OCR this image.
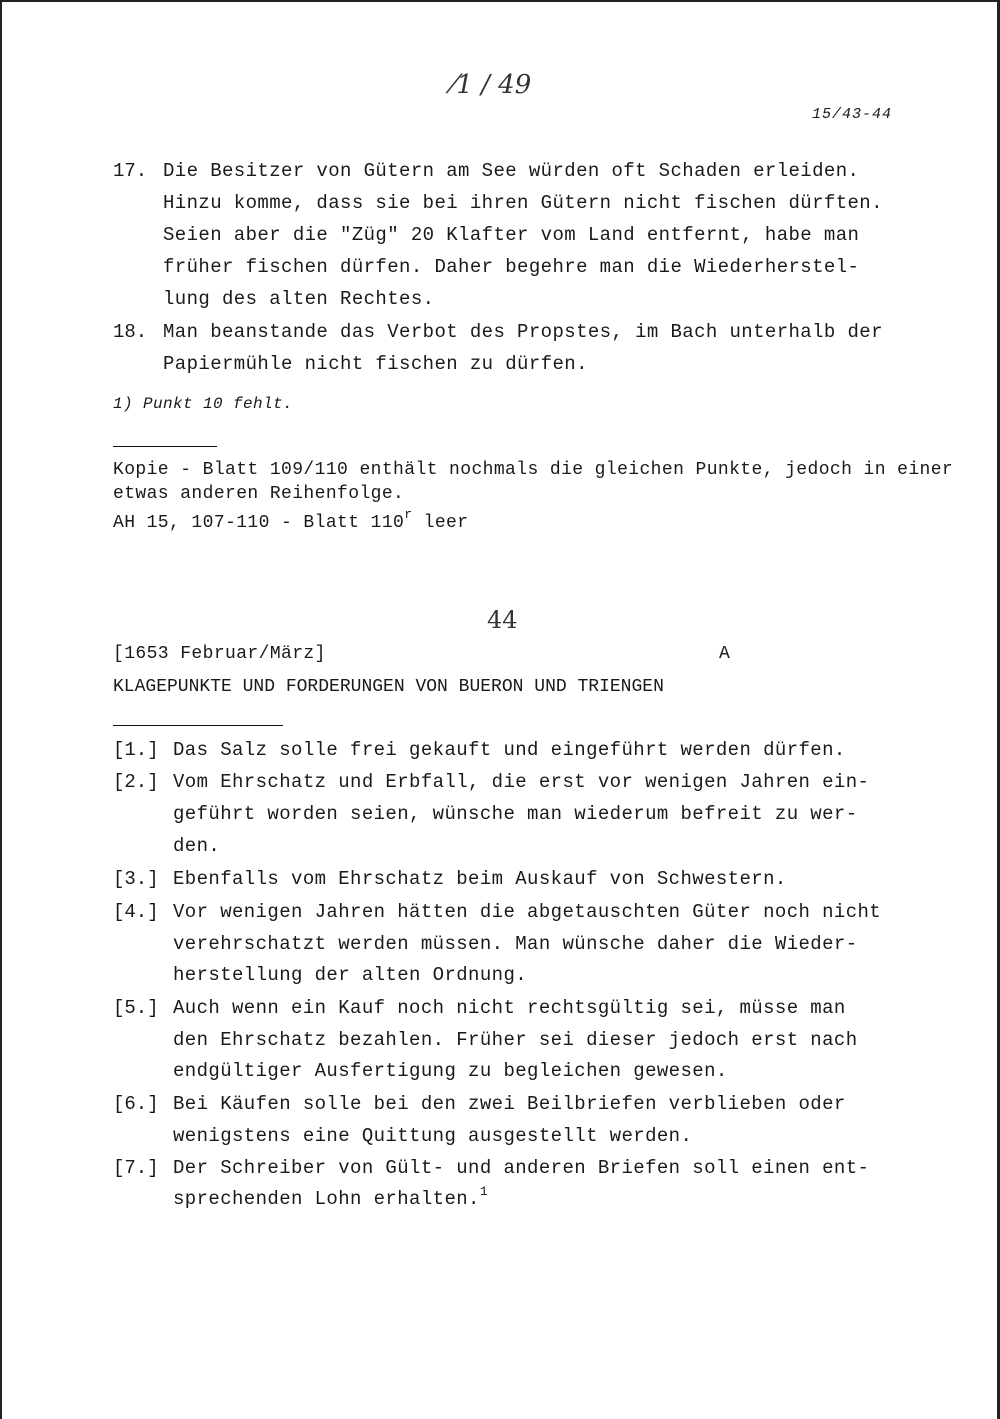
⁄1 / 49
15/43-44
17. Die Besitzer von Gütern am See würden oft Schaden erleiden.
Hinzu komme, dass sie bei ihren Gütern nicht fischen dürften.
Seien aber die "Züg" 20 Klafter vom Land entfernt, habe man
früher fischen dürfen. Daher begehre man die Wiederherstel-
lung des alten Rechtes.
18. Man beanstande das Verbot des Propstes, im Bach unterhalb der
Papiermühle nicht fischen zu dürfen.
1) Punkt 10 fehlt.
Kopie - Blatt 109/110 enthält nochmals die gleichen Punkte, jedoch in einer
etwas anderen Reihenfolge.
AH 15, 107-110 - Blatt 110$^r$ leer
44
[1653 Februar/März]	A
KLAGEPUNKTE UND FORDERUNGEN VON BUERON UND TRIENGEN
[1.] Das Salz solle frei gekauft und eingeführt werden dürfen.
[2.] Vom Ehrschatz und Erbfall, die erst vor wenigen Jahren ein-
geführt worden seien, wünsche man wiederum befreit zu wer-
den.
[3.] Ebenfalls vom Ehrschatz beim Auskauf von Schwestern.
[4.] Vor wenigen Jahren hätten die abgetauschten Güter noch nicht
verehrschatzt werden müssen. Man wünsche daher die Wieder-
herstellung der alten Ordnung.
[5.] Auch wenn ein Kauf noch nicht rechtsgültig sei, müsse man
den Ehrschatz bezahlen. Früher sei dieser jedoch erst nach
endgültiger Ausfertigung zu begleichen gewesen.
[6.] Bei Käufen solle bei den zwei Beilbriefen verblieben oder
wenigstens eine Quittung ausgestellt werden.
[7.] Der Schreiber von Gült- und anderen Briefen soll einen ent-
sprechenden Lohn erhalten.$^1$
